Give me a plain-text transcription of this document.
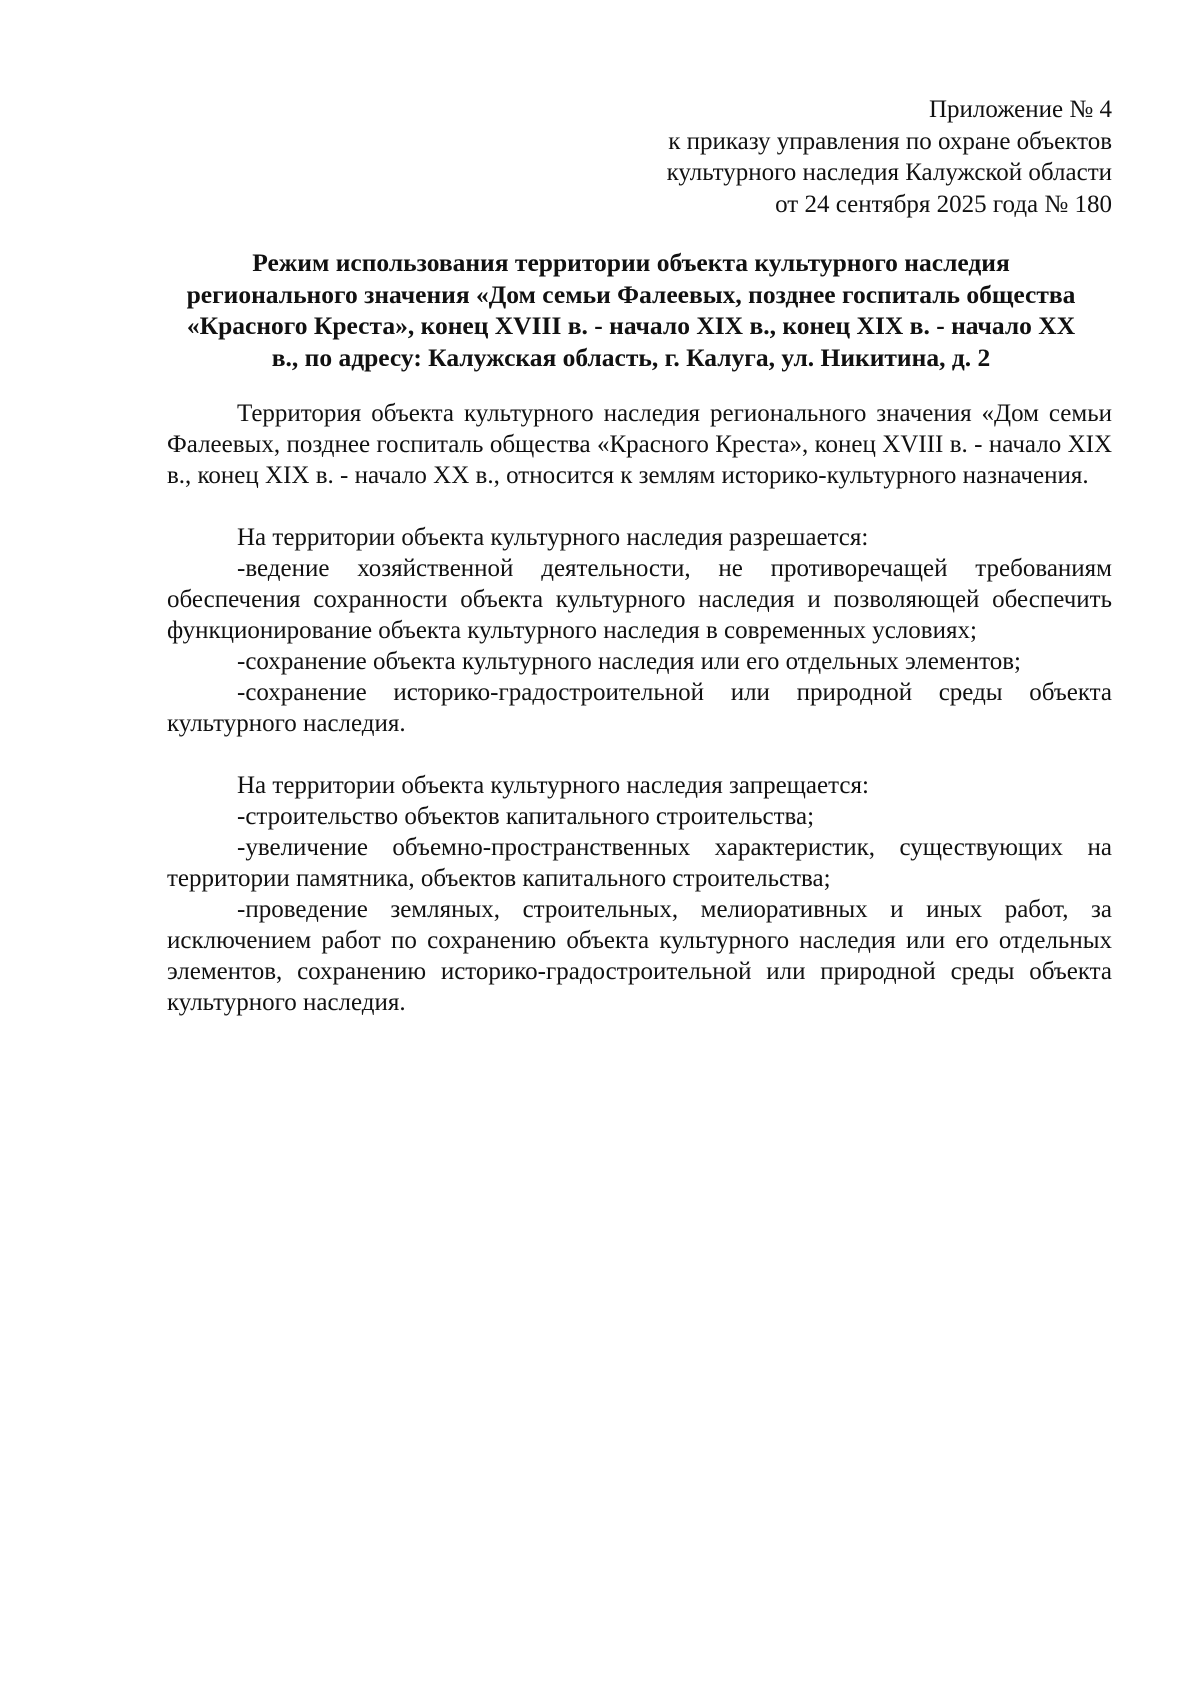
Приложение № 4
к приказу управления по охране объектов
культурного наследия Калужской области
от 24 сентября 2025 года № 180
Режим использования территории объекта культурного наследия
регионального значения «Дом семьи Фалеевых, позднее госпиталь общества
«Красного Креста», конец XVIII в. - начало XIX в., конец XIX в. - начало XX
в., по адресу: Калужская область, г. Калуга, ул. Никитина, д. 2

Территория объекта культурного наследия регионального значения «Дом семьи Фалеевых, позднее госпиталь общества «Красного Креста», конец XVIII в. - начало XIX в., конец XIX в. - начало XX в., относится к землям историко-культурного назначения.

На территории объекта культурного наследия разрешается:

-ведение хозяйственной деятельности, не противоречащей требованиям обеспечения сохранности объекта культурного наследия и позволяющей обеспечить функционирование объекта культурного наследия в современных условиях;

-сохранение объекта культурного наследия или его отдельных элементов;

-сохранение историко-градостроительной или природной среды объекта культурного наследия.

На территории объекта культурного наследия запрещается:

-строительство объектов капитального строительства;

-увеличение объемно-пространственных характеристик, существующих на территории памятника, объектов капитального строительства;

-проведение земляных, строительных, мелиоративных и иных работ, за исключением работ по сохранению объекта культурного наследия или его отдельных элементов, сохранению историко-градостроительной или природной среды объекта культурного наследия.
